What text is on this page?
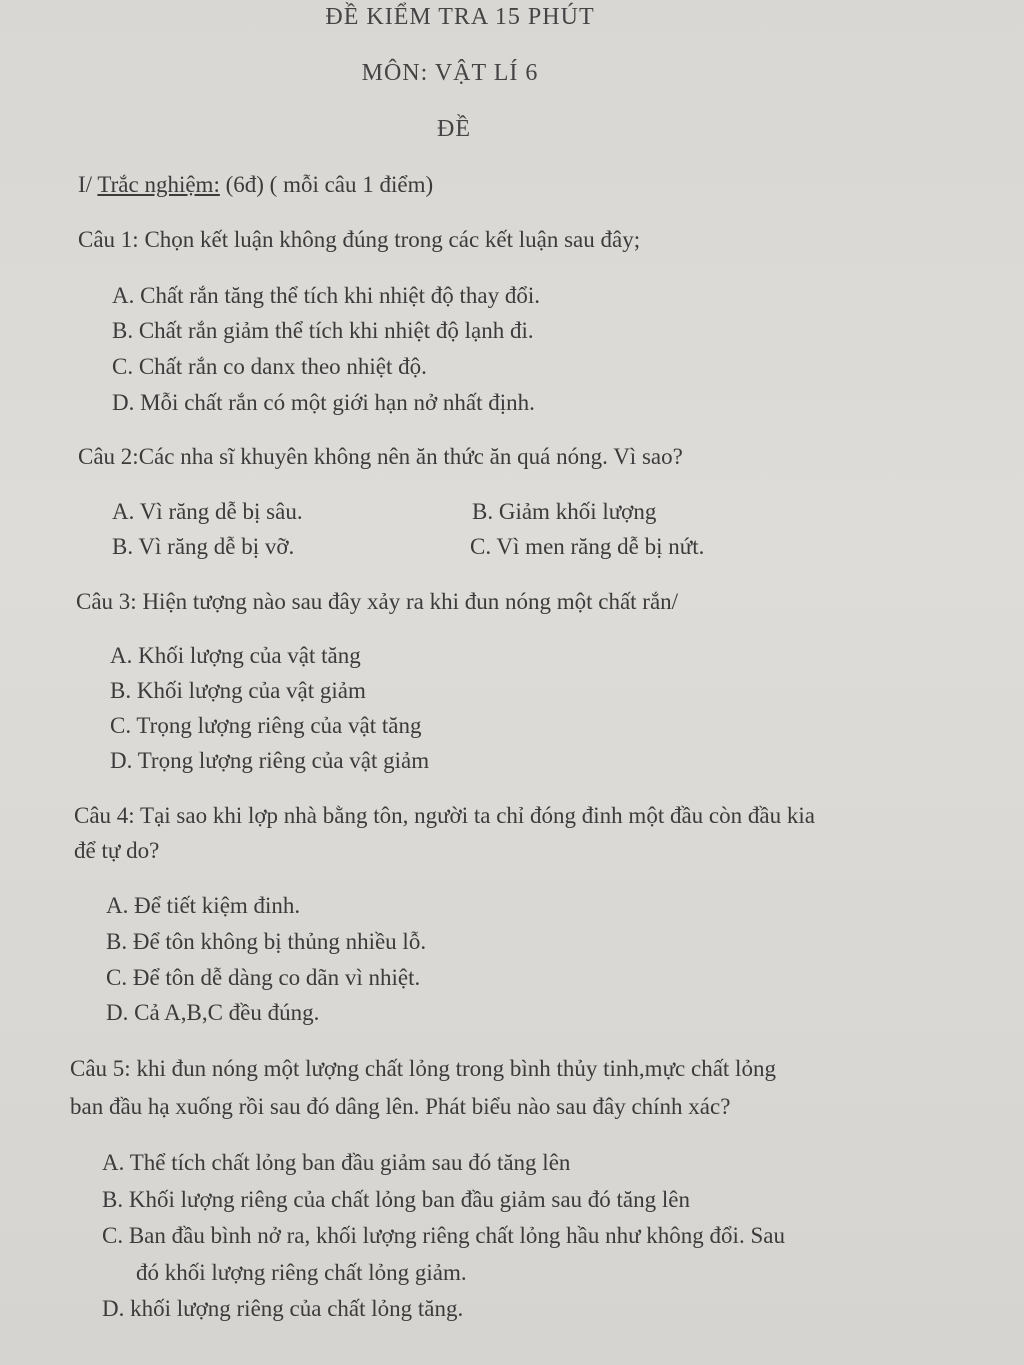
ĐỀ KIỂM TRA 15 PHÚT
MÔN: VẬT LÍ 6
ĐỀ
I/ Trắc nghiệm: (6đ) ( mỗi câu 1 điểm)
Câu 1: Chọn kết luận không đúng trong các kết luận sau đây;
A. Chất rắn tăng thể tích khi nhiệt độ thay đổi.
B. Chất rắn giảm thể tích khi nhiệt độ lạnh đi.
C. Chất rắn co danx theo nhiệt độ.
D. Mỗi chất rắn có một giới hạn nở nhất định.
Câu 2:Các nha sĩ khuyên không nên ăn thức ăn quá nóng. Vì sao?
A. Vì răng dễ bị sâu.	B. Giảm khối lượng
B. Vì răng dễ bị vỡ.	C. Vì men răng dễ bị nứt.
Câu 3: Hiện tượng nào sau đây xảy ra khi đun nóng một chất rắn/
A. Khối lượng của vật tăng
B. Khối lượng của vật giảm
C. Trọng lượng riêng của vật tăng
D. Trọng lượng riêng của vật giảm
Câu 4: Tại sao khi lợp nhà bằng tôn, người ta chỉ đóng đinh một đầu còn đầu kia
để tự do?
A. Để tiết kiệm đinh.
B. Để tôn không bị thủng nhiều lỗ.
C. Để tôn dễ dàng co dãn vì nhiệt.
D. Cả A,B,C đều đúng.
Câu 5: khi đun nóng một lượng chất lỏng trong bình thủy tinh,mực chất lỏng
ban đầu hạ xuống rồi sau đó dâng lên. Phát biểu nào sau đây chính xác?
A. Thể tích chất lỏng ban đầu giảm sau đó tăng lên
B. Khối lượng riêng của chất lỏng ban đầu giảm sau đó tăng lên
C. Ban đầu bình nở ra, khối lượng riêng chất lỏng hầu như không đổi. Sau
đó khối lượng riêng chất lỏng giảm.
D. khối lượng riêng của chất lỏng tăng.
